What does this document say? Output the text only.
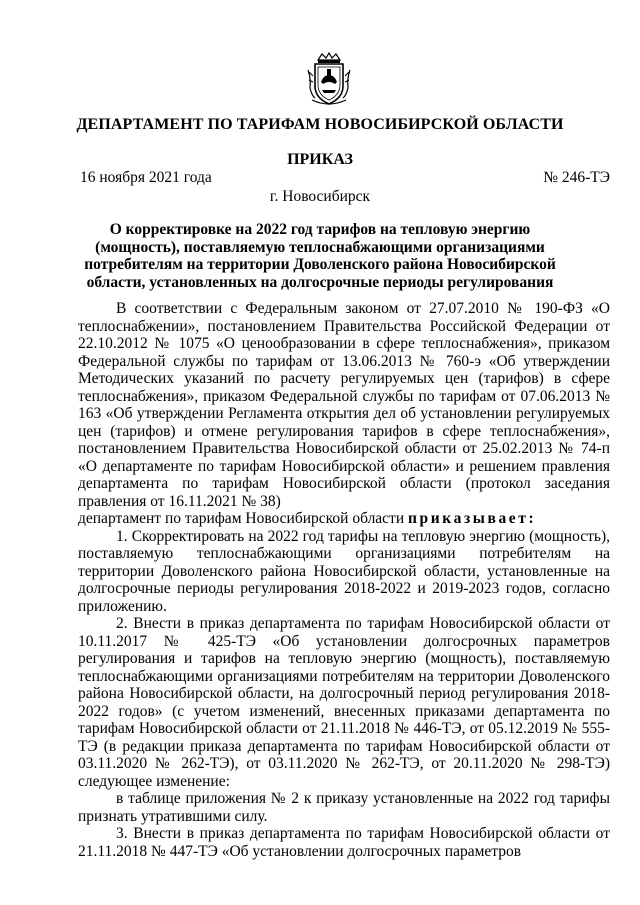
ДЕПАРТАМЕНТ ПО ТАРИФАМ НОВОСИБИРСКОЙ ОБЛАСТИ
ПРИКАЗ
16 ноября 2021 года	№ 246-ТЭ
г. Новосибирск
О корректировке на 2022 год тарифов на тепловую энергию (мощность), поставляемую теплоснабжающими организациями потребителям на территории Доволенского района Новосибирской области, установленных на долгосрочные периоды регулирования

В соответствии с Федеральным законом от 27.07.2010 № 190-ФЗ «О теплоснабжении», постановлением Правительства Российской Федерации от 22.10.2012 № 1075 «О ценообразовании в сфере теплоснабжения», приказом Федеральной службы по тарифам от 13.06.2013 № 760-э «Об утверждении Методических указаний по расчету регулируемых цен (тарифов) в сфере теплоснабжения», приказом Федеральной службы по тарифам от 07.06.2013 № 163 «Об утверждении Регламента открытия дел об установлении регулируемых цен (тарифов) и отмене регулирования тарифов в сфере теплоснабжения», постановлением Правительства Новосибирской области от 25.02.2013 № 74-п «О департаменте по тарифам Новосибирской области» и решением правления департамента по тарифам Новосибирской области (протокол заседания правления от 16.11.2021 № 38)

департамент по тарифам Новосибирской области приказывает:

1. Скорректировать на 2022 год тарифы на тепловую энергию (мощность), поставляемую теплоснабжающими организациями потребителям на территории Доволенского района Новосибирской области, установленные на долгосрочные периоды регулирования 2018-2022 и 2019-2023 годов, согласно приложению.

2. Внести в приказ департамента по тарифам Новосибирской области от 10.11.2017 № 425-ТЭ «Об установлении долгосрочных параметров регулирования и тарифов на тепловую энергию (мощность), поставляемую теплоснабжающими организациями потребителям на территории Доволенского района Новосибирской области, на долгосрочный период регулирования 2018-2022 годов» (с учетом изменений, внесенных приказами департамента по тарифам Новосибирской области от 21.11.2018 № 446-ТЭ, от 05.12.2019 № 555-ТЭ (в редакции приказа департамента по тарифам Новосибирской области от 03.11.2020 № 262-ТЭ), от 03.11.2020 № 262-ТЭ, от 20.11.2020 № 298-ТЭ) следующее изменение:

в таблице приложения № 2 к приказу установленные на 2022 год тарифы признать утратившими силу.

3. Внести в приказ департамента по тарифам Новосибирской области от 21.11.2018 № 447-ТЭ «Об установлении долгосрочных параметров
